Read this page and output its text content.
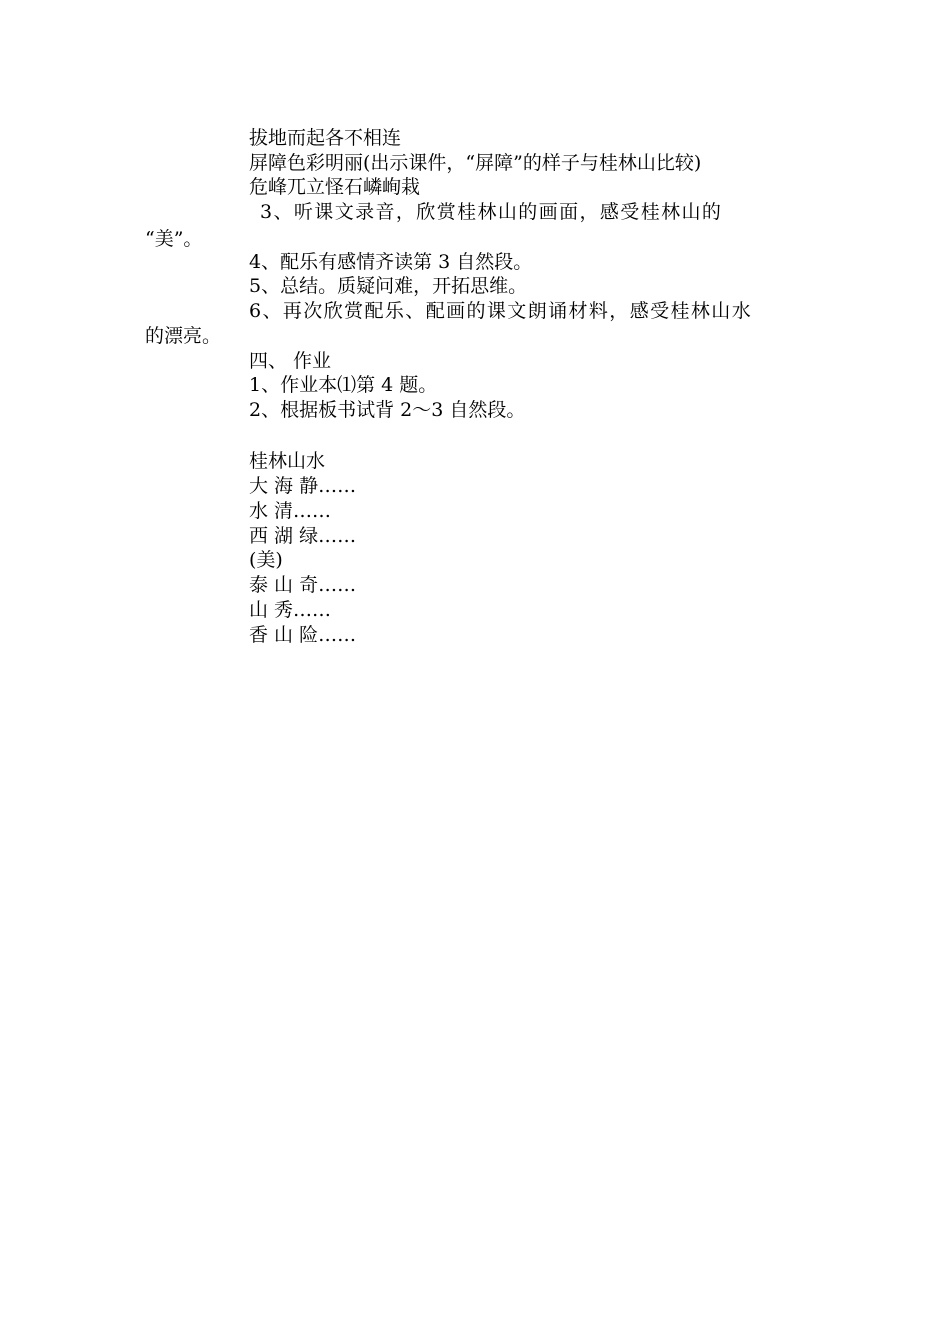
拔地而起各不相连
屏障色彩明丽(出示课件，“屏障”的样子与桂林山比较)
危峰兀立怪石嶙峋栽
3、听课文录音，欣赏桂林山的画面，感受桂林山的
“美”。
4、配乐有感情齐读第 3 自然段。
5、总结。质疑问难，开拓思维。
6、再次欣赏配乐、配画的课文朗诵材料，感受桂林山水
的漂亮。
四、 作业
1、作业本⑴第 4 题。
2、根据板书试背 2～3 自然段。
桂林山水
大 海 静……
水 清……
西 湖 绿……
(美)
泰 山 奇……
山 秀……
香 山 险……
